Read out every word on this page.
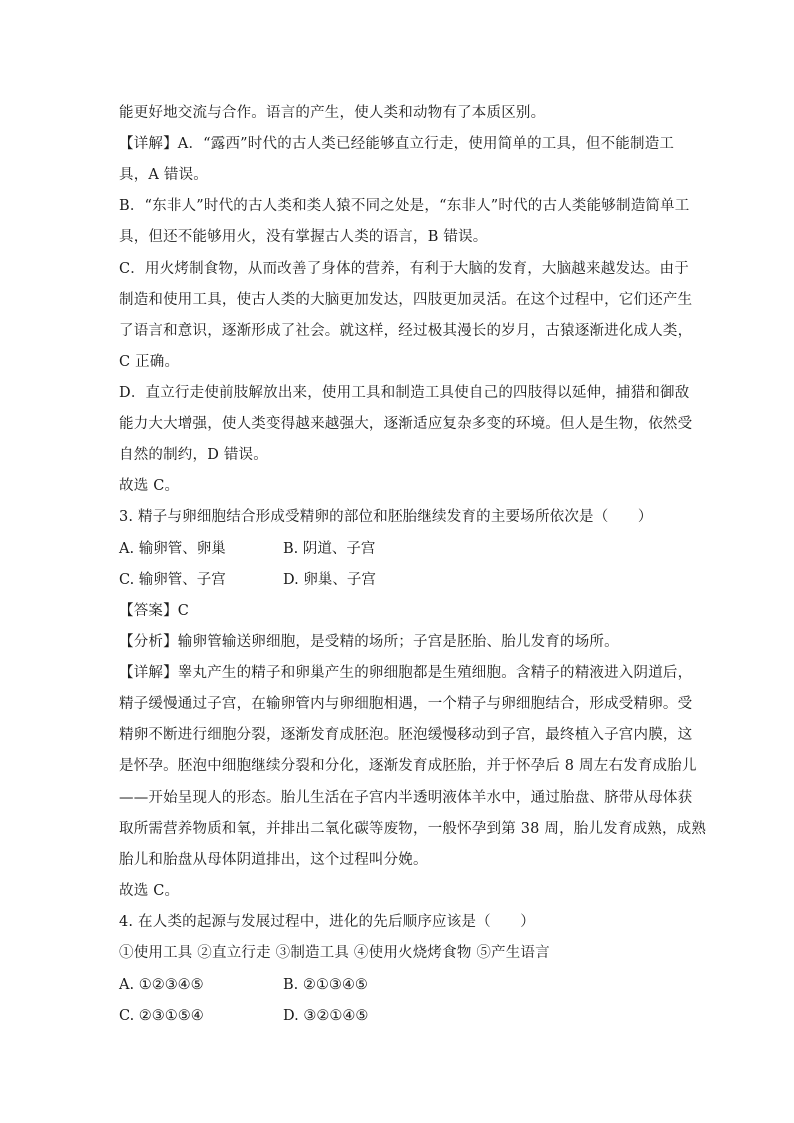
能更好地交流与合作。语言的产生，使人类和动物有了本质区别。
【详解】A．“露西”时代的古人类已经能够直立行走，使用简单的工具，但不能制造工
具，A 错误。
B．“东非人”时代的古人类和类人猿不同之处是，“东非人”时代的古人类能够制造简单工
具，但还不能够用火，没有掌握古人类的语言，B 错误。
C．用火烤制食物，从而改善了身体的营养，有利于大脑的发育，大脑越来越发达。由于
制造和使用工具，使古人类的大脑更加发达，四肢更加灵活。在这个过程中，它们还产生
了语言和意识，逐渐形成了社会。就这样，经过极其漫长的岁月，古猿逐渐进化成人类，
C 正确。
D．直立行走使前肢解放出来，使用工具和制造工具使自己的四肢得以延伸，捕猎和御敌
能力大大增强，使人类变得越来越强大，逐渐适应复杂多变的环境。但人是生物，依然受
自然的制约，D 错误。
故选 C。
3. 精子与卵细胞结合形成受精卵的部位和胚胎继续发育的主要场所依次是（　　）
A. 输卵管、卵巢	B. 阴道、子宫
C. 输卵管、子宫	D. 卵巢、子宫
【答案】C
【分析】输卵管输送卵细胞，是受精的场所；子宫是胚胎、胎儿发育的场所。
【详解】睾丸产生的精子和卵巢产生的卵细胞都是生殖细胞。含精子的精液进入阴道后，
精子缓慢通过子宫，在输卵管内与卵细胞相遇，一个精子与卵细胞结合，形成受精卵。受
精卵不断进行细胞分裂，逐渐发育成胚泡。胚泡缓慢移动到子宫，最终植入子宫内膜，这
是怀孕。胚泡中细胞继续分裂和分化，逐渐发育成胚胎，并于怀孕后 8 周左右发育成胎儿
——开始呈现人的形态。胎儿生活在子宫内半透明液体羊水中，通过胎盘、脐带从母体获
取所需营养物质和氧，并排出二氧化碳等废物，一般怀孕到第 38 周，胎儿发育成熟，成熟
胎儿和胎盘从母体阴道排出，这个过程叫分娩。
故选 C。
4. 在人类的起源与发展过程中，进化的先后顺序应该是（　　）
①使用工具 ②直立行走 ③制造工具 ④使用火烧烤食物 ⑤产生语言
A. ①②③④⑤	B. ②①③④⑤
C. ②③①⑤④	D. ③②①④⑤
